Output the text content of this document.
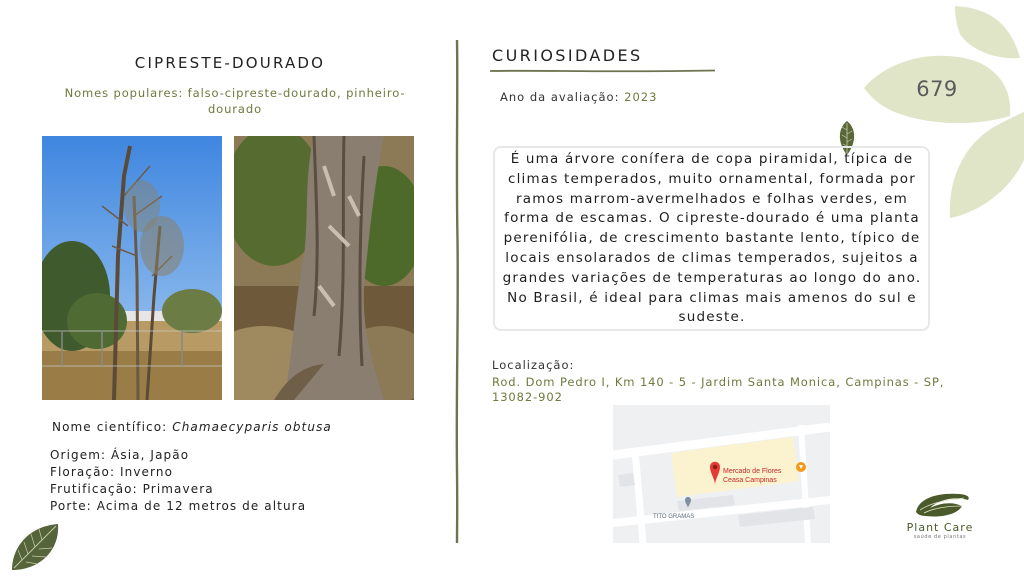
679
CIPRESTE-DOURADO
Nomes populares: falso-cipreste-dourado, pinheiro-dourado
Nome científico: Chamaecyparis obtusa
Origem: Ásia, Japão
Floração: Inverno
Frutificação: Primavera
Porte: Acima de 12 metros de altura
CURIOSIDADES
Ano da avaliação: 2023
É uma árvore conífera de copa piramidal, típica de climas temperados, muito ornamental, formada por ramos marrom-avermelhados e folhas verdes, em forma de escamas. O cipreste-dourado é uma planta perenifólia, de crescimento bastante lento, típico de locais ensolarados de climas temperados, sujeitos a grandes variações de temperaturas ao longo do ano. No Brasil, é ideal para climas mais amenos do sul e sudeste.
Localização:
Rod. Dom Pedro I, Km 140 - 5 - Jardim Santa Monica, Campinas - SP, 13082-902
Mercado de Flores
Ceasa Campinas
TITO GRAMAS
Plant Care
saúde de plantas
